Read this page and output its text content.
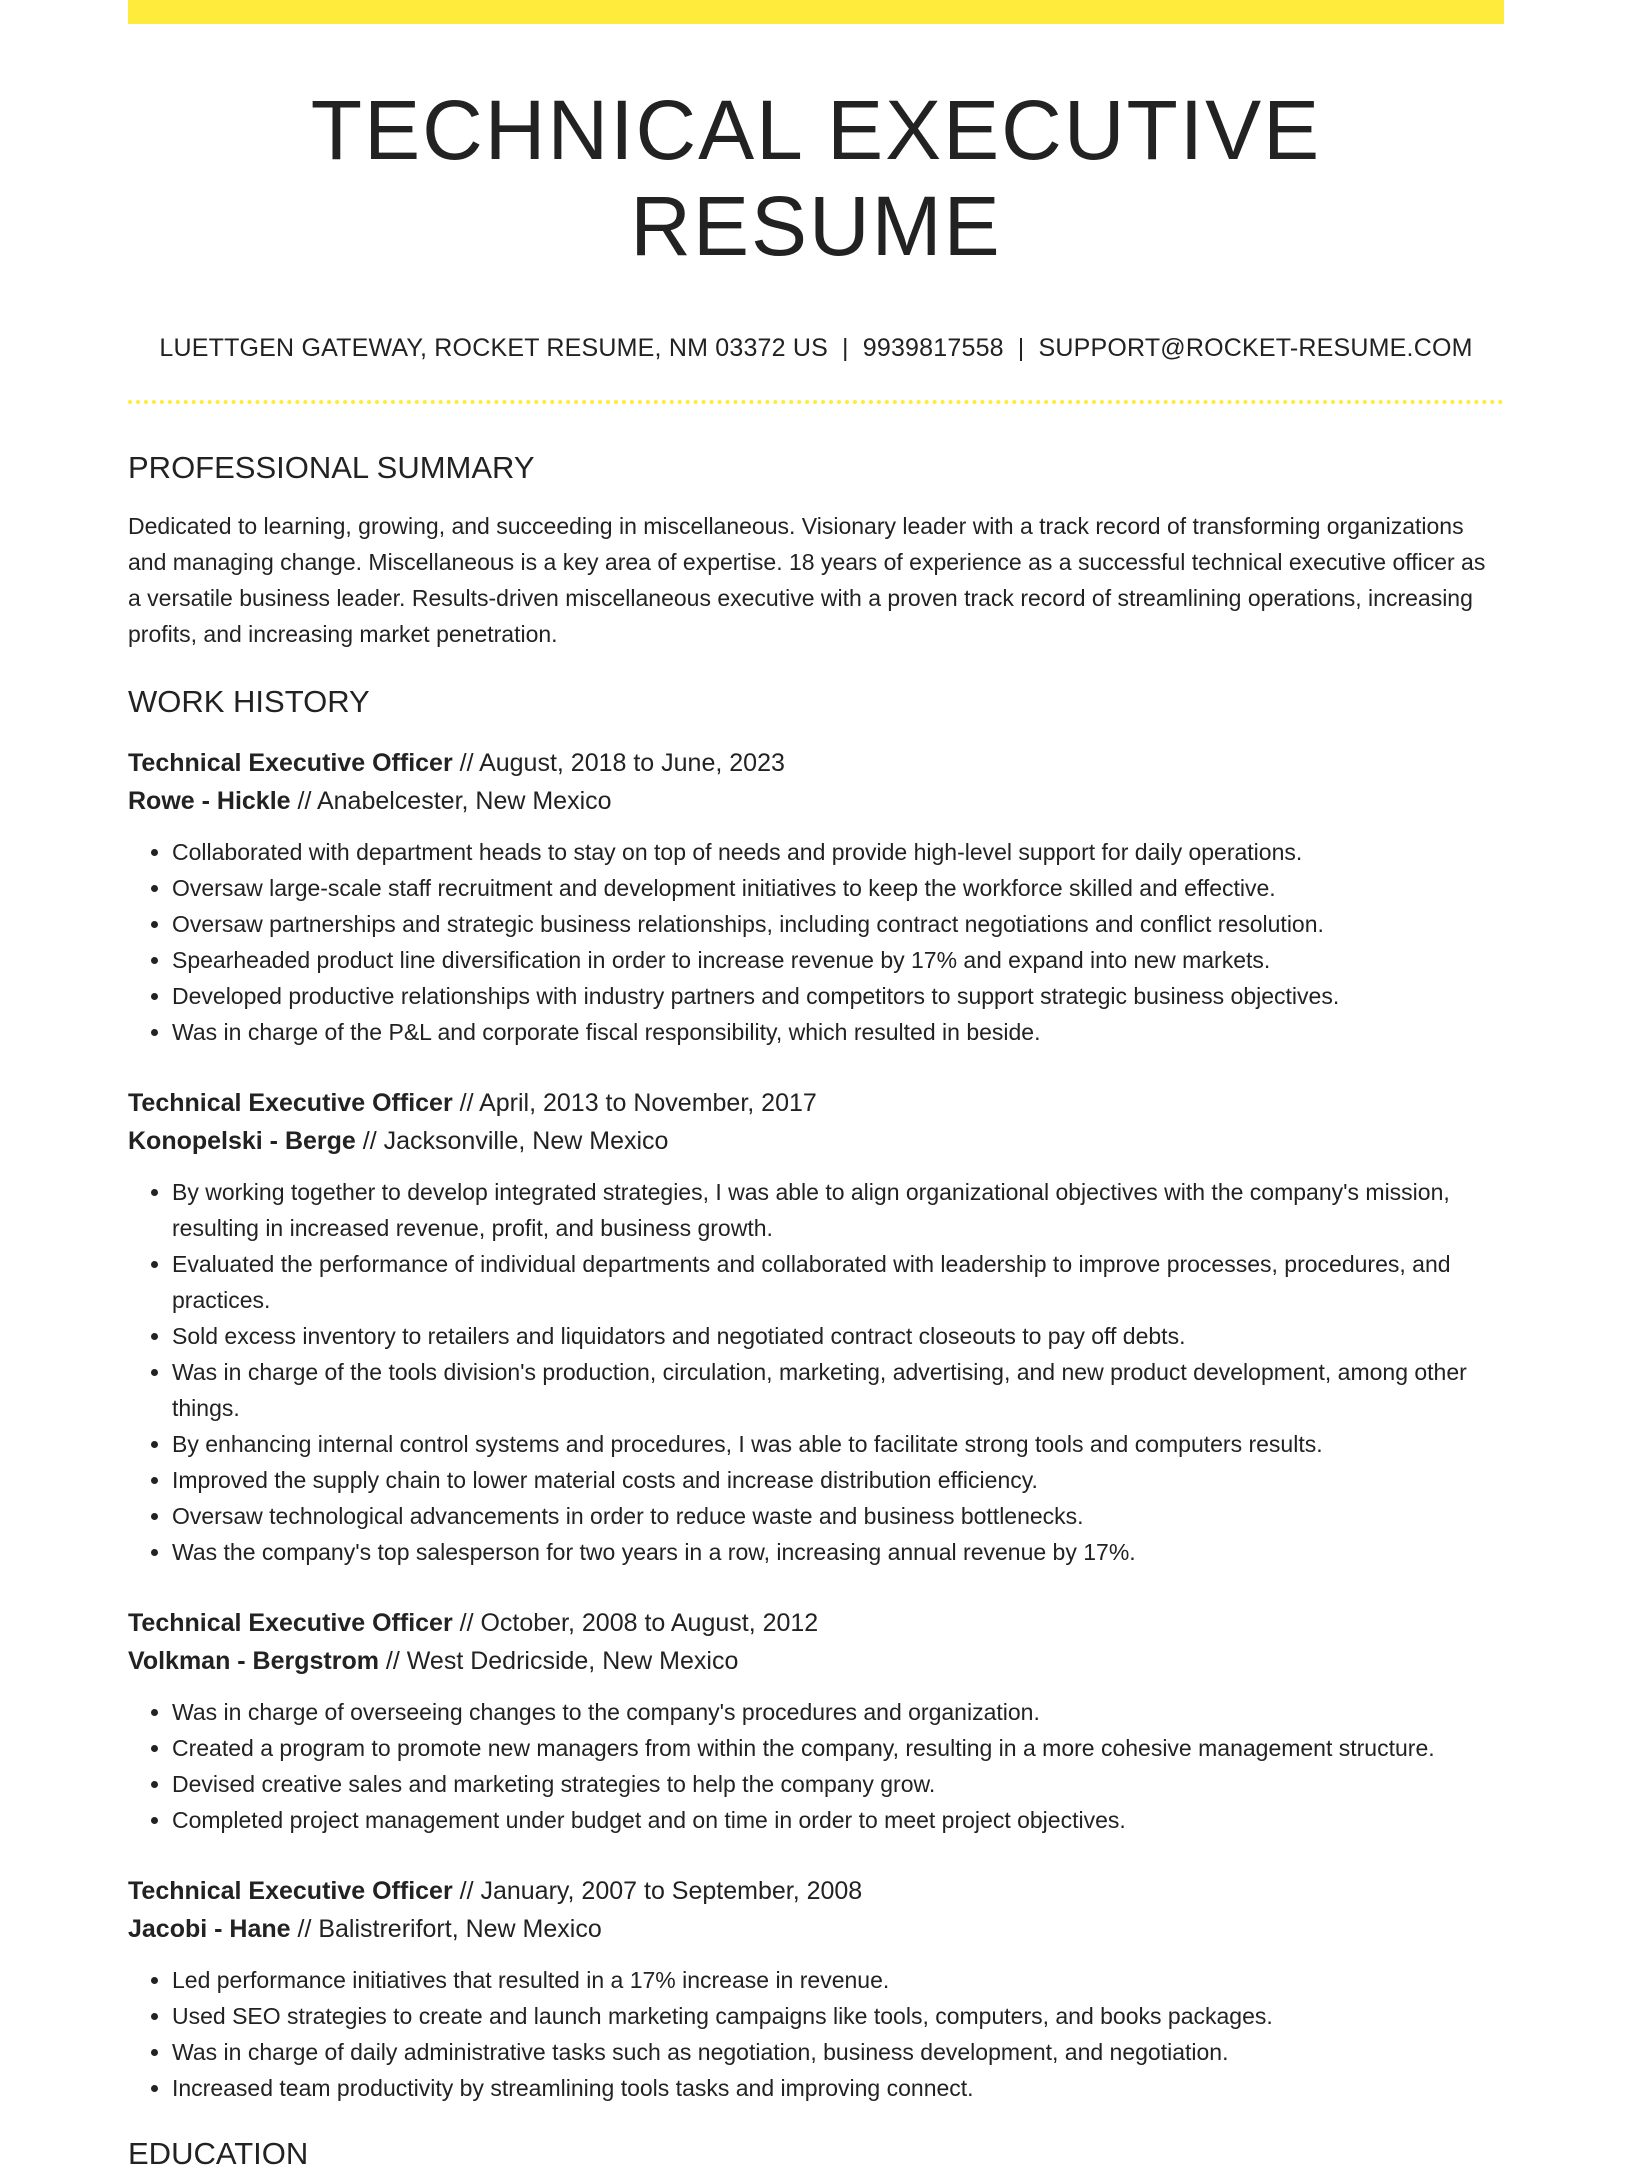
TECHNICAL EXECUTIVE RESUME
LUETTGEN GATEWAY, ROCKET RESUME, NM 03372 US | 9939817558 | SUPPORT@ROCKET-RESUME.COM
PROFESSIONAL SUMMARY

Dedicated to learning, growing, and succeeding in miscellaneous. Visionary leader with a track record of transforming organizations and managing change. Miscellaneous is a key area of expertise. 18 years of experience as a successful technical executive officer as a versatile business leader. Results-driven miscellaneous executive with a proven track record of streamlining operations, increasing profits, and increasing market penetration.

WORK HISTORY
Technical Executive Officer // August, 2018 to June, 2023
Rowe - Hickle // Anabelcester, New Mexico
• Collaborated with department heads to stay on top of needs and provide high-level support for daily operations.
• Oversaw large-scale staff recruitment and development initiatives to keep the workforce skilled and effective.
• Oversaw partnerships and strategic business relationships, including contract negotiations and conflict resolution.
• Spearheaded product line diversification in order to increase revenue by 17% and expand into new markets.
• Developed productive relationships with industry partners and competitors to support strategic business objectives.
• Was in charge of the P&L and corporate fiscal responsibility, which resulted in beside.
Technical Executive Officer // April, 2013 to November, 2017
Konopelski - Berge // Jacksonville, New Mexico
• By working together to develop integrated strategies, I was able to align organizational objectives with the company's mission, resulting in increased revenue, profit, and business growth.
• Evaluated the performance of individual departments and collaborated with leadership to improve processes, procedures, and practices.
• Sold excess inventory to retailers and liquidators and negotiated contract closeouts to pay off debts.
• Was in charge of the tools division's production, circulation, marketing, advertising, and new product development, among other things.
• By enhancing internal control systems and procedures, I was able to facilitate strong tools and computers results.
• Improved the supply chain to lower material costs and increase distribution efficiency.
• Oversaw technological advancements in order to reduce waste and business bottlenecks.
• Was the company's top salesperson for two years in a row, increasing annual revenue by 17%.
Technical Executive Officer // October, 2008 to August, 2012
Volkman - Bergstrom // West Dedricside, New Mexico
• Was in charge of overseeing changes to the company's procedures and organization.
• Created a program to promote new managers from within the company, resulting in a more cohesive management structure.
• Devised creative sales and marketing strategies to help the company grow.
• Completed project management under budget and on time in order to meet project objectives.
Technical Executive Officer // January, 2007 to September, 2008
Jacobi - Hane // Balistrerifort, New Mexico
• Led performance initiatives that resulted in a 17% increase in revenue.
• Used SEO strategies to create and launch marketing campaigns like tools, computers, and books packages.
• Was in charge of daily administrative tasks such as negotiation, business development, and negotiation.
• Increased team productivity by streamlining tools tasks and improving connect.
EDUCATION
